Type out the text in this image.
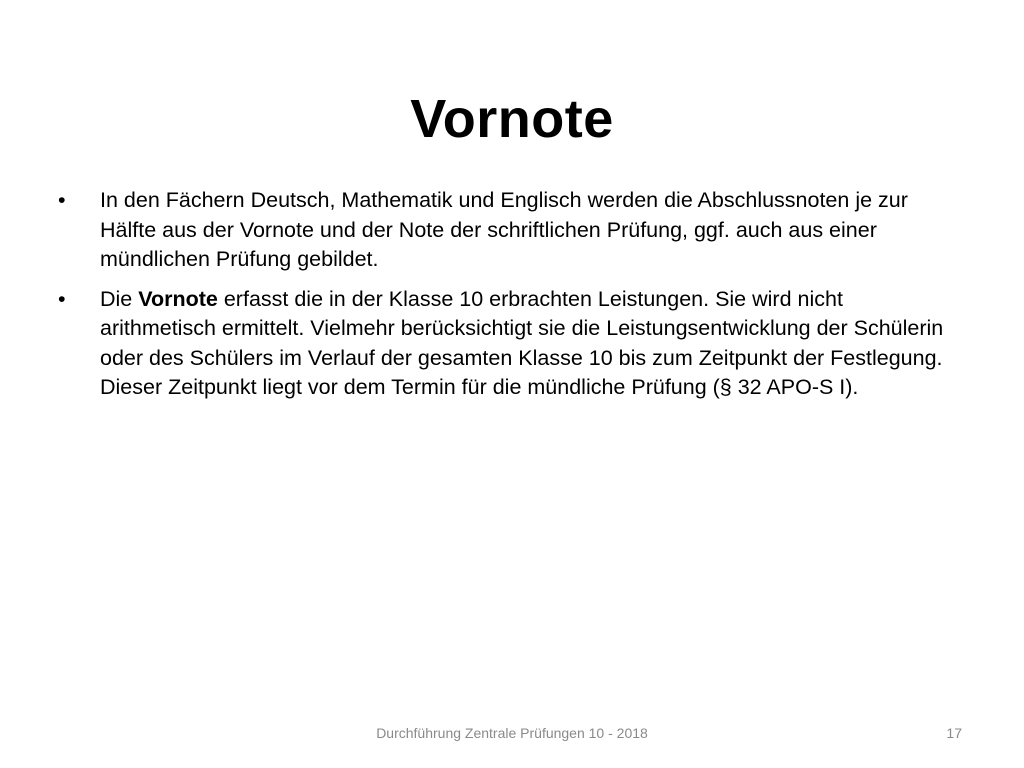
Vornote
• In den Fächern Deutsch, Mathematik und Englisch werden die Abschlussnoten je zur Hälfte aus der Vornote und der Note der schriftlichen Prüfung, ggf. auch aus einer mündlichen Prüfung gebildet.
• Die Vornote erfasst die in der Klasse 10 erbrachten Leistungen. Sie wird nicht arithmetisch ermittelt. Vielmehr berücksichtigt sie die Leistungsentwicklung der Schülerin oder des Schülers im Verlauf der gesamten Klasse 10 bis zum Zeitpunkt der Festlegung. Dieser Zeitpunkt liegt vor dem Termin für die mündliche Prüfung (§ 32 APO-S I).
Durchführung Zentrale Prüfungen 10 - 2018	17
